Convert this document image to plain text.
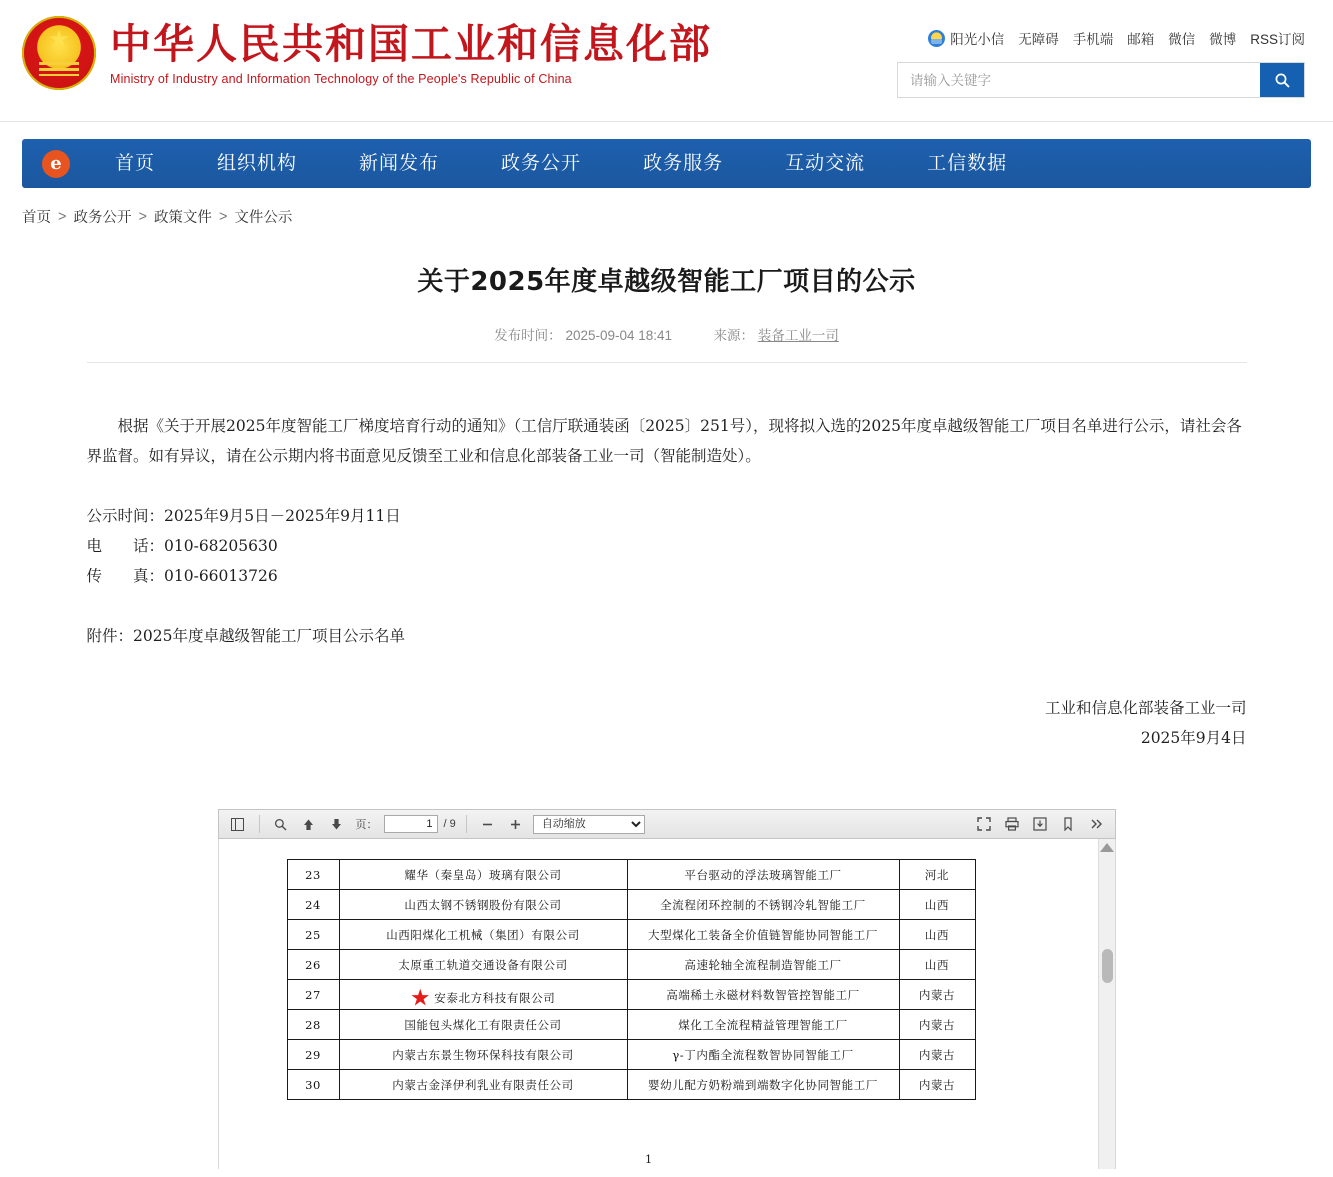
★
中华人民共和国工业和信息化部
Ministry of Industry and Information Technology of the People's Republic of China
阳光小信 无障碍 手机端 邮箱 微信 微博 RSS订阅
请输入关键字
e
首页	组织机构	新闻发布	政务公开	政务服务	互动交流	工信数据
首页 > 政务公开 > 政策文件 > 文件公示
关于2025年度卓越级智能工厂项目的公示
发布时间： 2025-09-04 18:41	来源： 装备工业一司

根据《关于开展2025年度智能工厂梯度培育行动的通知》（工信厅联通装函〔2025〕251号），现将拟入选的2025年度卓越级智能工厂项目名单进行公示，请社会各界监督。如有异议，请在公示期内将书面意见反馈至工业和信息化部装备工业一司（智能制造处）。

公示时间：2025年9月5日－2025年9月11日
电　　话：010-68205630
传　　真：010-66013726
附件：2025年度卓越级智能工厂项目公示名单
工业和信息化部装备工业一司
2025年9月4日
页：
1	/ 9
自动缩放
23	耀华（秦皇岛）玻璃有限公司	平台驱动的浮法玻璃智能工厂	河北
24	山西太钢不锈钢股份有限公司	全流程闭环控制的不锈钢冷轧智能工厂	山西
25	山西阳煤化工机械（集团）有限公司	大型煤化工装备全价值链智能协同智能工厂	山西
26	太原重工轨道交通设备有限公司	高速轮轴全流程制造智能工厂	山西
27	★ 安泰北方科技有限公司	高端稀土永磁材料数智管控智能工厂	内蒙古
28	国能包头煤化工有限责任公司	煤化工全流程精益管理智能工厂	内蒙古
29	内蒙古东景生物环保科技有限公司	γ-丁内酯全流程数智协同智能工厂	内蒙古
30	内蒙古金泽伊利乳业有限责任公司	婴幼儿配方奶粉端到端数字化协同智能工厂	内蒙古
1
